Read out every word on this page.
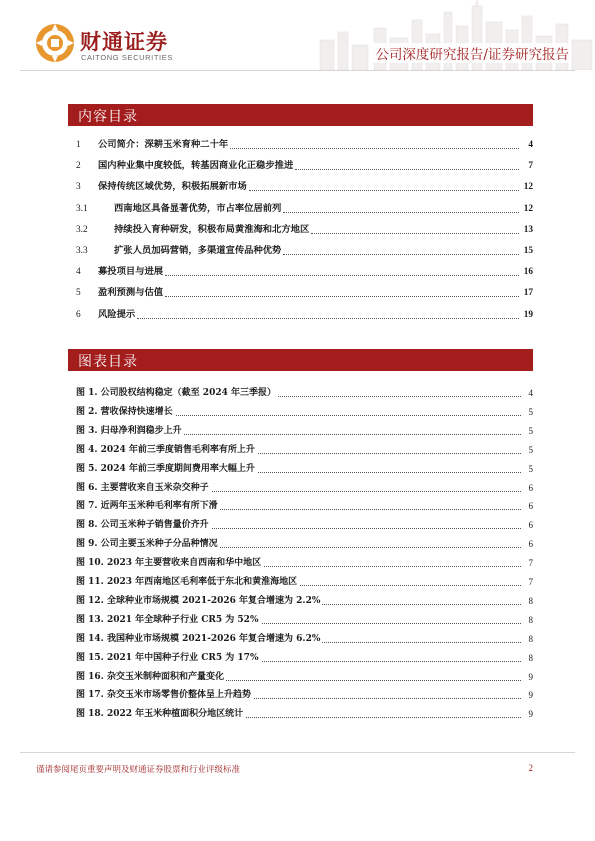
财通证券
CAITONG SECURITIES	公司深度研究报告/证券研究报告
内容目录
1 公司简介：深耕玉米育种二十年	4
2 国内种业集中度较低，转基因商业化正稳步推进	7
3 保持传统区域优势，积极拓展新市场	12
3.1	西南地区具备显著优势，市占率位居前列	12
3.2	持续投入育种研发，积极布局黄淮海和北方地区	13
3.3	扩张人员加码营销，多渠道宣传品种优势	15
4 募投项目与进展	16
5 盈利预测与估值	17
6 风险提示	19
图表目录
图 1. 公司股权结构稳定（截至 2024 年三季报）	4
图 2. 营收保持快速增长	5
图 3. 归母净利润稳步上升	5
图 4. 2024 年前三季度销售毛利率有所上升	5
图 5. 2024 年前三季度期间费用率大幅上升	5
图 6. 主要营收来自玉米杂交种子	6
图 7. 近两年玉米种毛利率有所下滑	6
图 8. 公司玉米种子销售量价齐升	6
图 9. 公司主要玉米种子分品种情况	6
图 10. 2023 年主要营收来自西南和华中地区	7
图 11. 2023 年西南地区毛利率低于东北和黄淮海地区	7
图 12. 全球种业市场规模 2021-2026 年复合增速为 2.2%	8
图 13. 2021 年全球种子行业 CR5 为 52%	8
图 14. 我国种业市场规模 2021-2026 年复合增速为 6.2%	8
图 15. 2021 年中国种子行业 CR5 为 17%	8
图 16. 杂交玉米制种面积和产量变化	9
图 17. 杂交玉米市场零售价整体呈上升趋势	9
图 18. 2022 年玉米种植面积分地区统计	9
谨请参阅尾页重要声明及财通证券股票和行业评级标准	2
